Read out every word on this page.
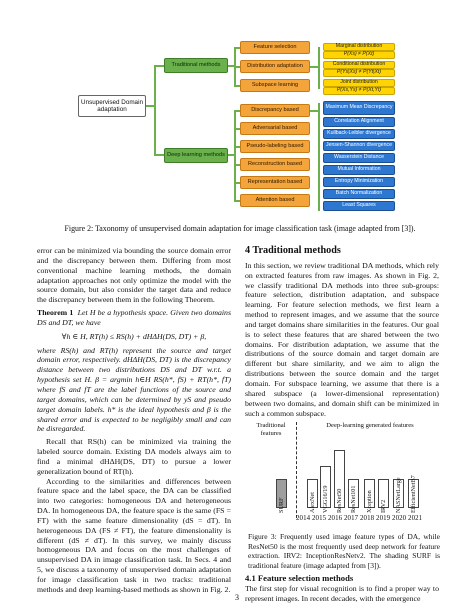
Unsupervised Domain adaptation
Traditional methods
Deep learning methods
Feature selection
Distribution adaptation
Subspace learning
Marginal distribution
P(Xs) ≠ P(Xt)
Conditional distribution
P(Ys|Xs) ≠ P(Yt|Xt)
Joint distribution
P(Xs,Ys) ≠ P(Xt,Yt)
Discrepancy based
Adversarial based
Pseudo-labeling based
Reconstruction based
Representation based
Attention based
Maximum Mean Discrepancy
Correlation Alignment
Kullback-Leibler divergence
Jensen-Shannon divergence
Wasserstein Distance
Mutual Information
Entropy Minimization
Batch Normalization
Least Squares
Figure 2: Taxonomy of unsupervised domain adaptation for image classification task (image adapted from [3]).

error can be minimized via bounding the source domain error and the discrepancy between them. Differing from most conventional machine learning methods, the domain adaptation approaches not only optimize the model with the source domain, but also consider the target data and reduce the discrepancy between them in the following Theorem.

Theorem 1 Let H be a hypothesis space. Given two domains DS and DT, we have

∀h ∈ H, RT(h) ≤ RS(h) + dHΔH(DS, DT) + β,

where RS(h) and RT(h) represent the source and target domain error, respectively. dHΔH(DS, DT) is the discrepancy distance between two distributions DS and DT w.r.t. a hypothesis set H. β = argmin h∈H RS(h*, fS) + RT(h*, fT) where fS and fT are the label functions of the source and target domains, which can be determined by yS and pseudo target domain labels. h* is the ideal hypothesis and β is the shared error and is expected to be negligibly small and can be disregarded.

Recall that RS(h) can be minimized via training the labeled source domain. Existing DA models always aim to find a minimal dHΔH(DS, DT) to pursue a lower generalization bound of RT(h).

According to the similarities and differences between feature space and the label space, the DA can be classified into two categories: homogeneous DA and heterogeneous DA. In homogeneous DA, the feature space is the same (FS = FT) with the same feature dimensionality (dS = dT). In heterogeneous DA (FS ≠ FT), the feature dimensionality is different (dS ≠ dT). In this survey, we mainly discuss homogeneous DA and focus on the most challenges of unsupervised DA in image classification task. In Secs. 4 and 5, we discuss a taxonomy of unsupervised domain adaptation for image classification task in two tracks: traditional methods and deep learning-based methods as shown in Fig. 2.

4 Traditional methods

In this section, we review traditional DA methods, which rely on extracted features from raw images. As shown in Fig. 2, we classify traditional DA methods into three sub-groups: feature selection, distribution adaptation, and subspace learning. For feature selection methods, we first learn a method to represent images, and we assume that the source and target domains share similarities in the features. Our goal is to select these features that are shared between the two domains. For distribution adaptation, we assume that the distributions of the source domain and target domain are different but share similarity, and we aim to align the distributions between the source domain and the target domain. For subspace learning, we assume that there is a shared subspace (a lower-dimensional representation) between two domains, and domain shift can be minimized in such a common subspace.

Traditional features
Deep-learning generated features
SURF	AlexNet VGG16/19 ResNet50 ResNet101 Xception IRV2 NASNetLarge EfficientNetB7
2014 2015 2016 2017 2018 2019 2020 2021
Figure 3: Frequently used image feature types of DA, while ResNet50 is the most frequently used deep network for feature extraction. IRV2: InceptionResNetv2. The shading SURF is traditional feature (image adapted from [3]).
4.1 Feature selection methods

The first step for visual recognition is to find a proper way to represent images. In recent decades, with the emergence

3
